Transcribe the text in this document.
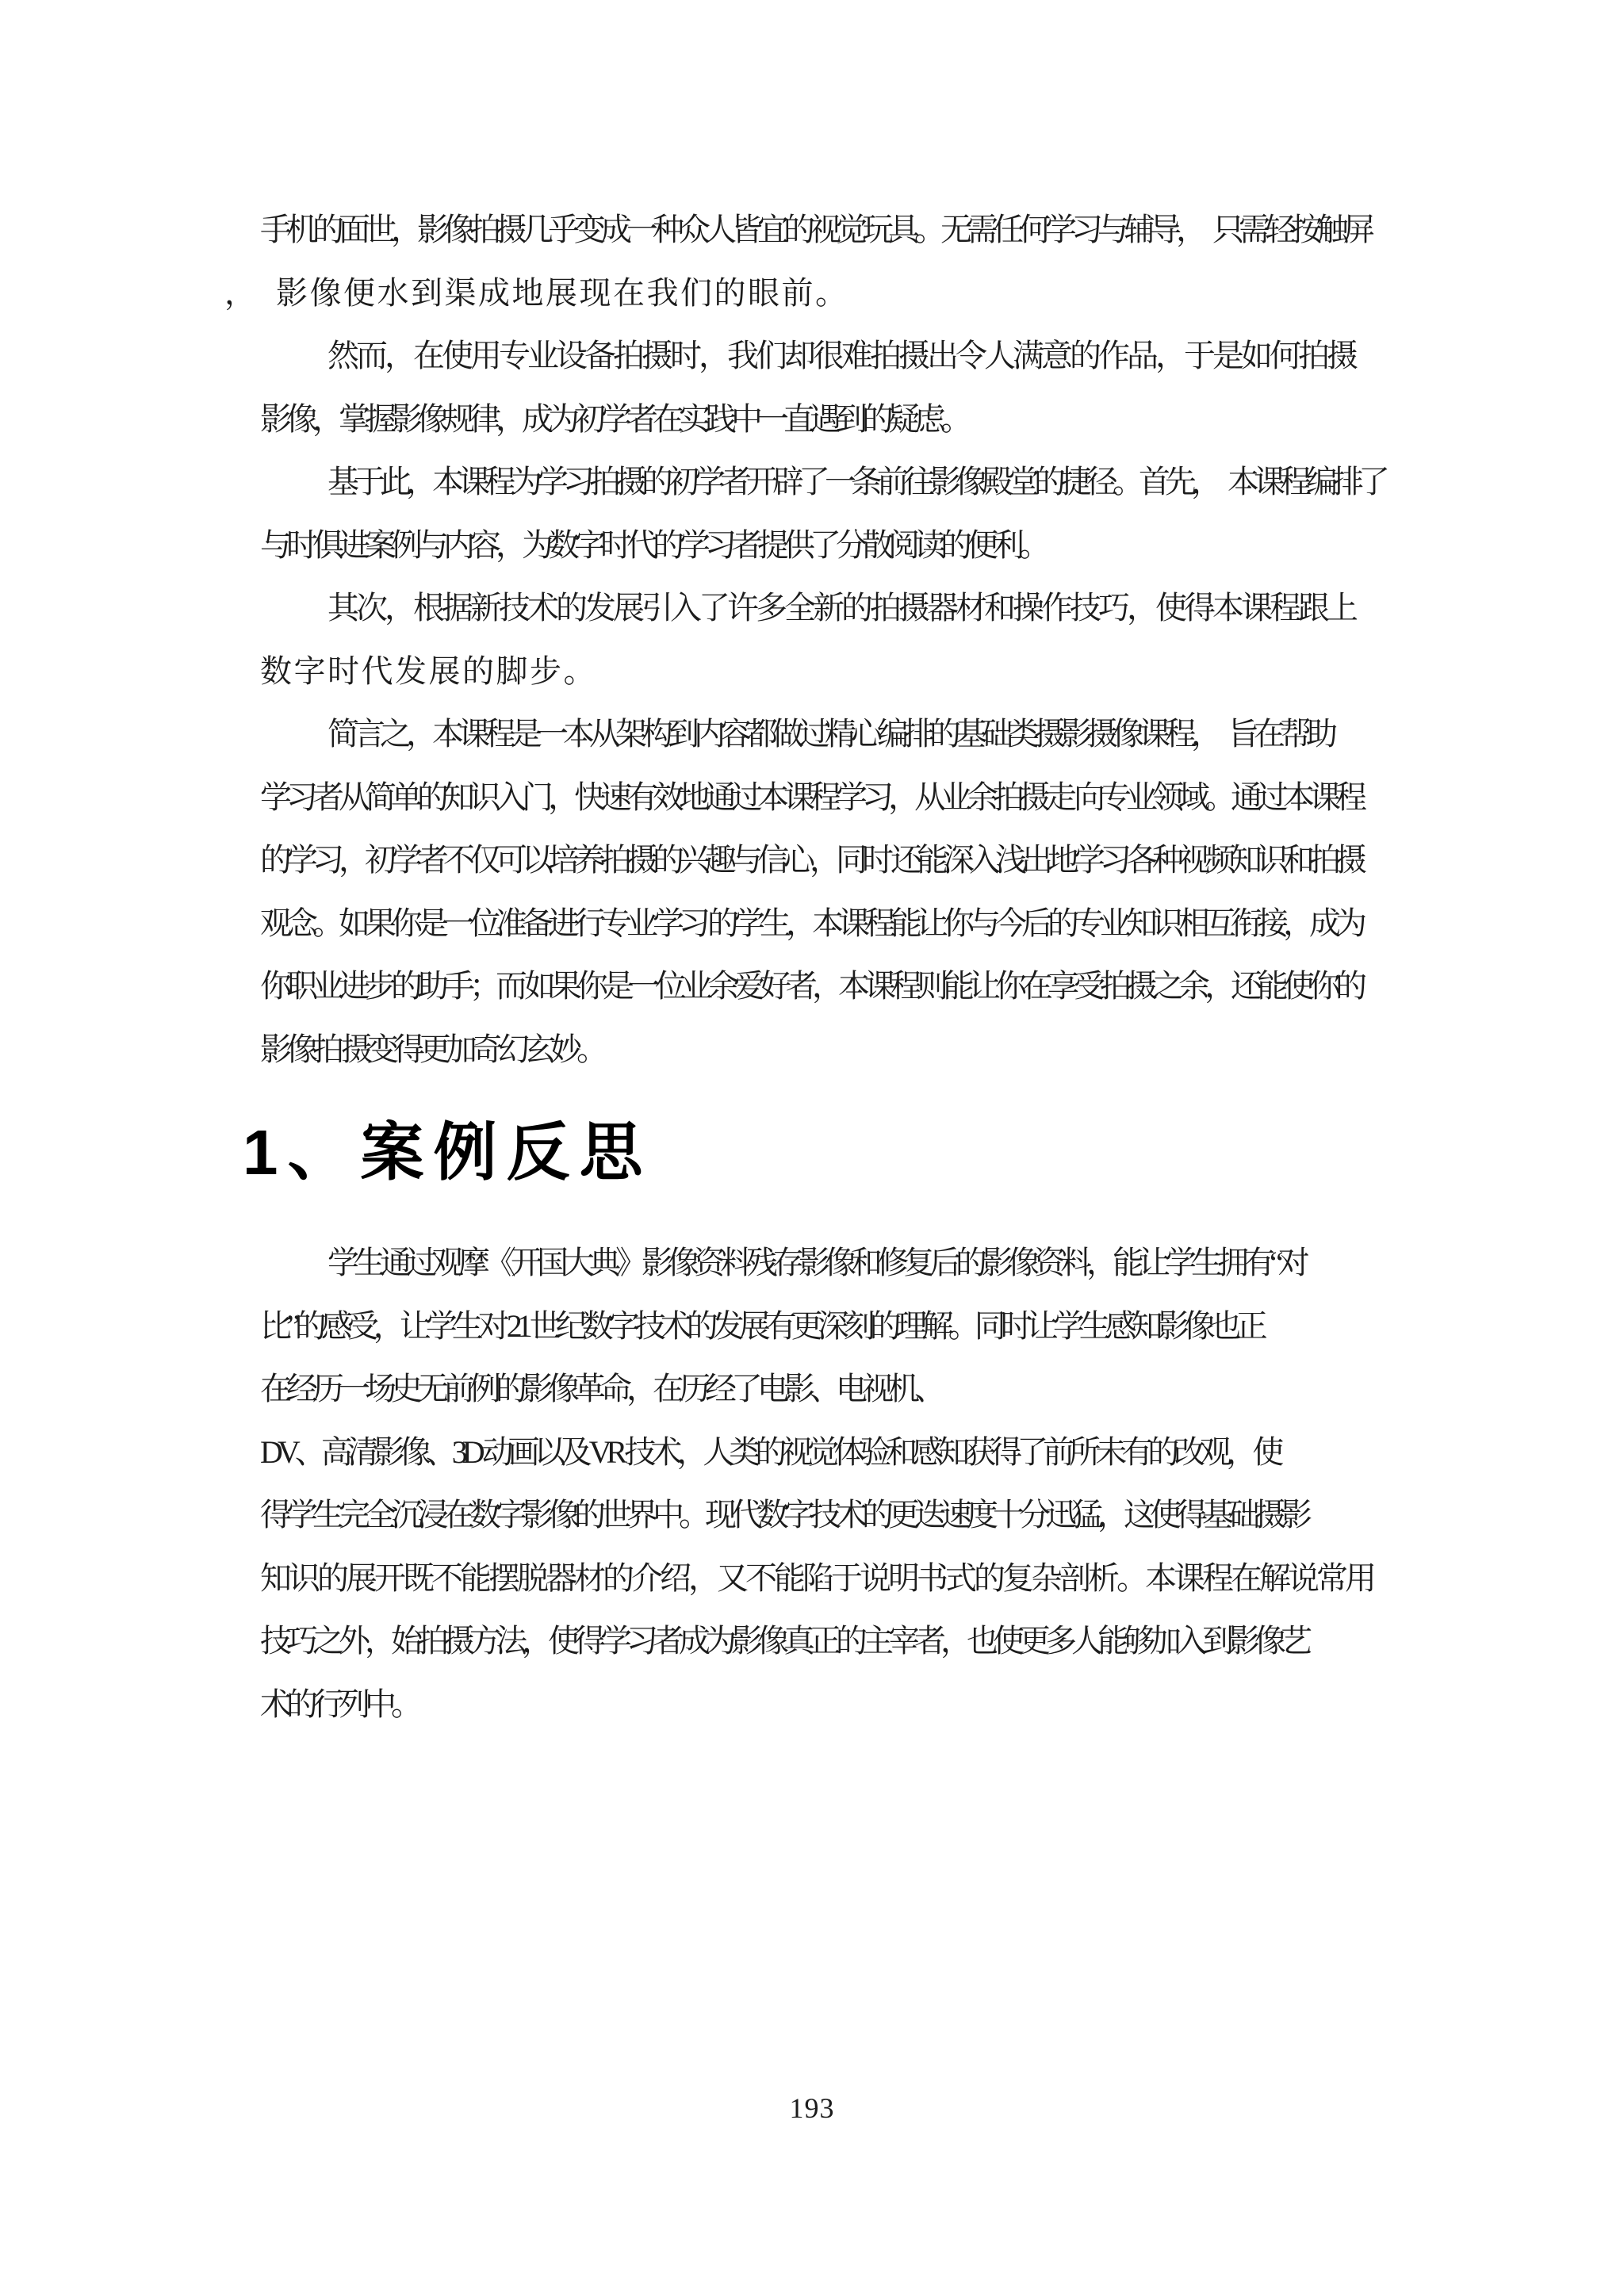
手机的面世，影像拍摄几乎变成一种众人皆宜的视觉玩具。无需任何学习与辅导，　只需轻按触屏

，　影像便水到渠成地展现在我们的眼前。

然而，在使用专业设备拍摄时，我们却很难拍摄出令人满意的作品，于是如何拍摄

影像，掌握影像规律，成为初学者在实践中一直遇到的疑虑。

基于此，本课程为学习拍摄的初学者开辟了一条前往影像殿堂的捷径。首先，　本课程编排了

与时俱进案例与内容，为数字时代的学习者提供了分散阅读的便利。

其次，根据新技术的发展引入了许多全新的拍摄器材和操作技巧，使得本课程跟上

数字时代发展的脚步。

简言之，本课程是一本从架构到内容都做过精心编排的基础类摄影摄像课程，　旨在帮助

学习者从简单的知识入门，快速有效地通过本课程学习，从业余拍摄走 向专业领域。通过本课程

的学习，初学者不仅可以培养拍摄的兴趣与信心，同时 还能深入浅出地学习各种视频知识和拍摄

观念。如果你是一位准备进行专业学习 的学生，本课程能让你与今后的专业知识相互衔接，成为

你职业进步的助手；而 如果你是一位业余爱好者，本课程则能让你在享受拍摄之余，还能使你的

影像拍 摄变得更加奇幻玄妙。

1、案例反思

学生通过观摩《开国大典》影像资料残存影像和修复后的影像资料，能让学生拥有“对

比”的感受，让学生对 21 世纪数字技术的发展有更深刻的理解。同时让学生感知影像也正

在经历一场史无前例的影像革命，在历经了电影、电视机、

DV、高清影像、3D 动画以及 VR 技术，人类的视觉体验和感知获得了前所未有的改观，使

得学生完全沉浸在数字影像的世界中。现代数字技术的更迭速度十分迅猛，这使得基础摄影

知识的展开既不能摆脱器材的介绍，又不能陷于说明书式的复杂剖析。本课程在解说常用

技巧之外，始拍摄方法，使得学习者成为影像真正的主宰者，也使更多人能够加入到影像艺

术的行列中。

193
